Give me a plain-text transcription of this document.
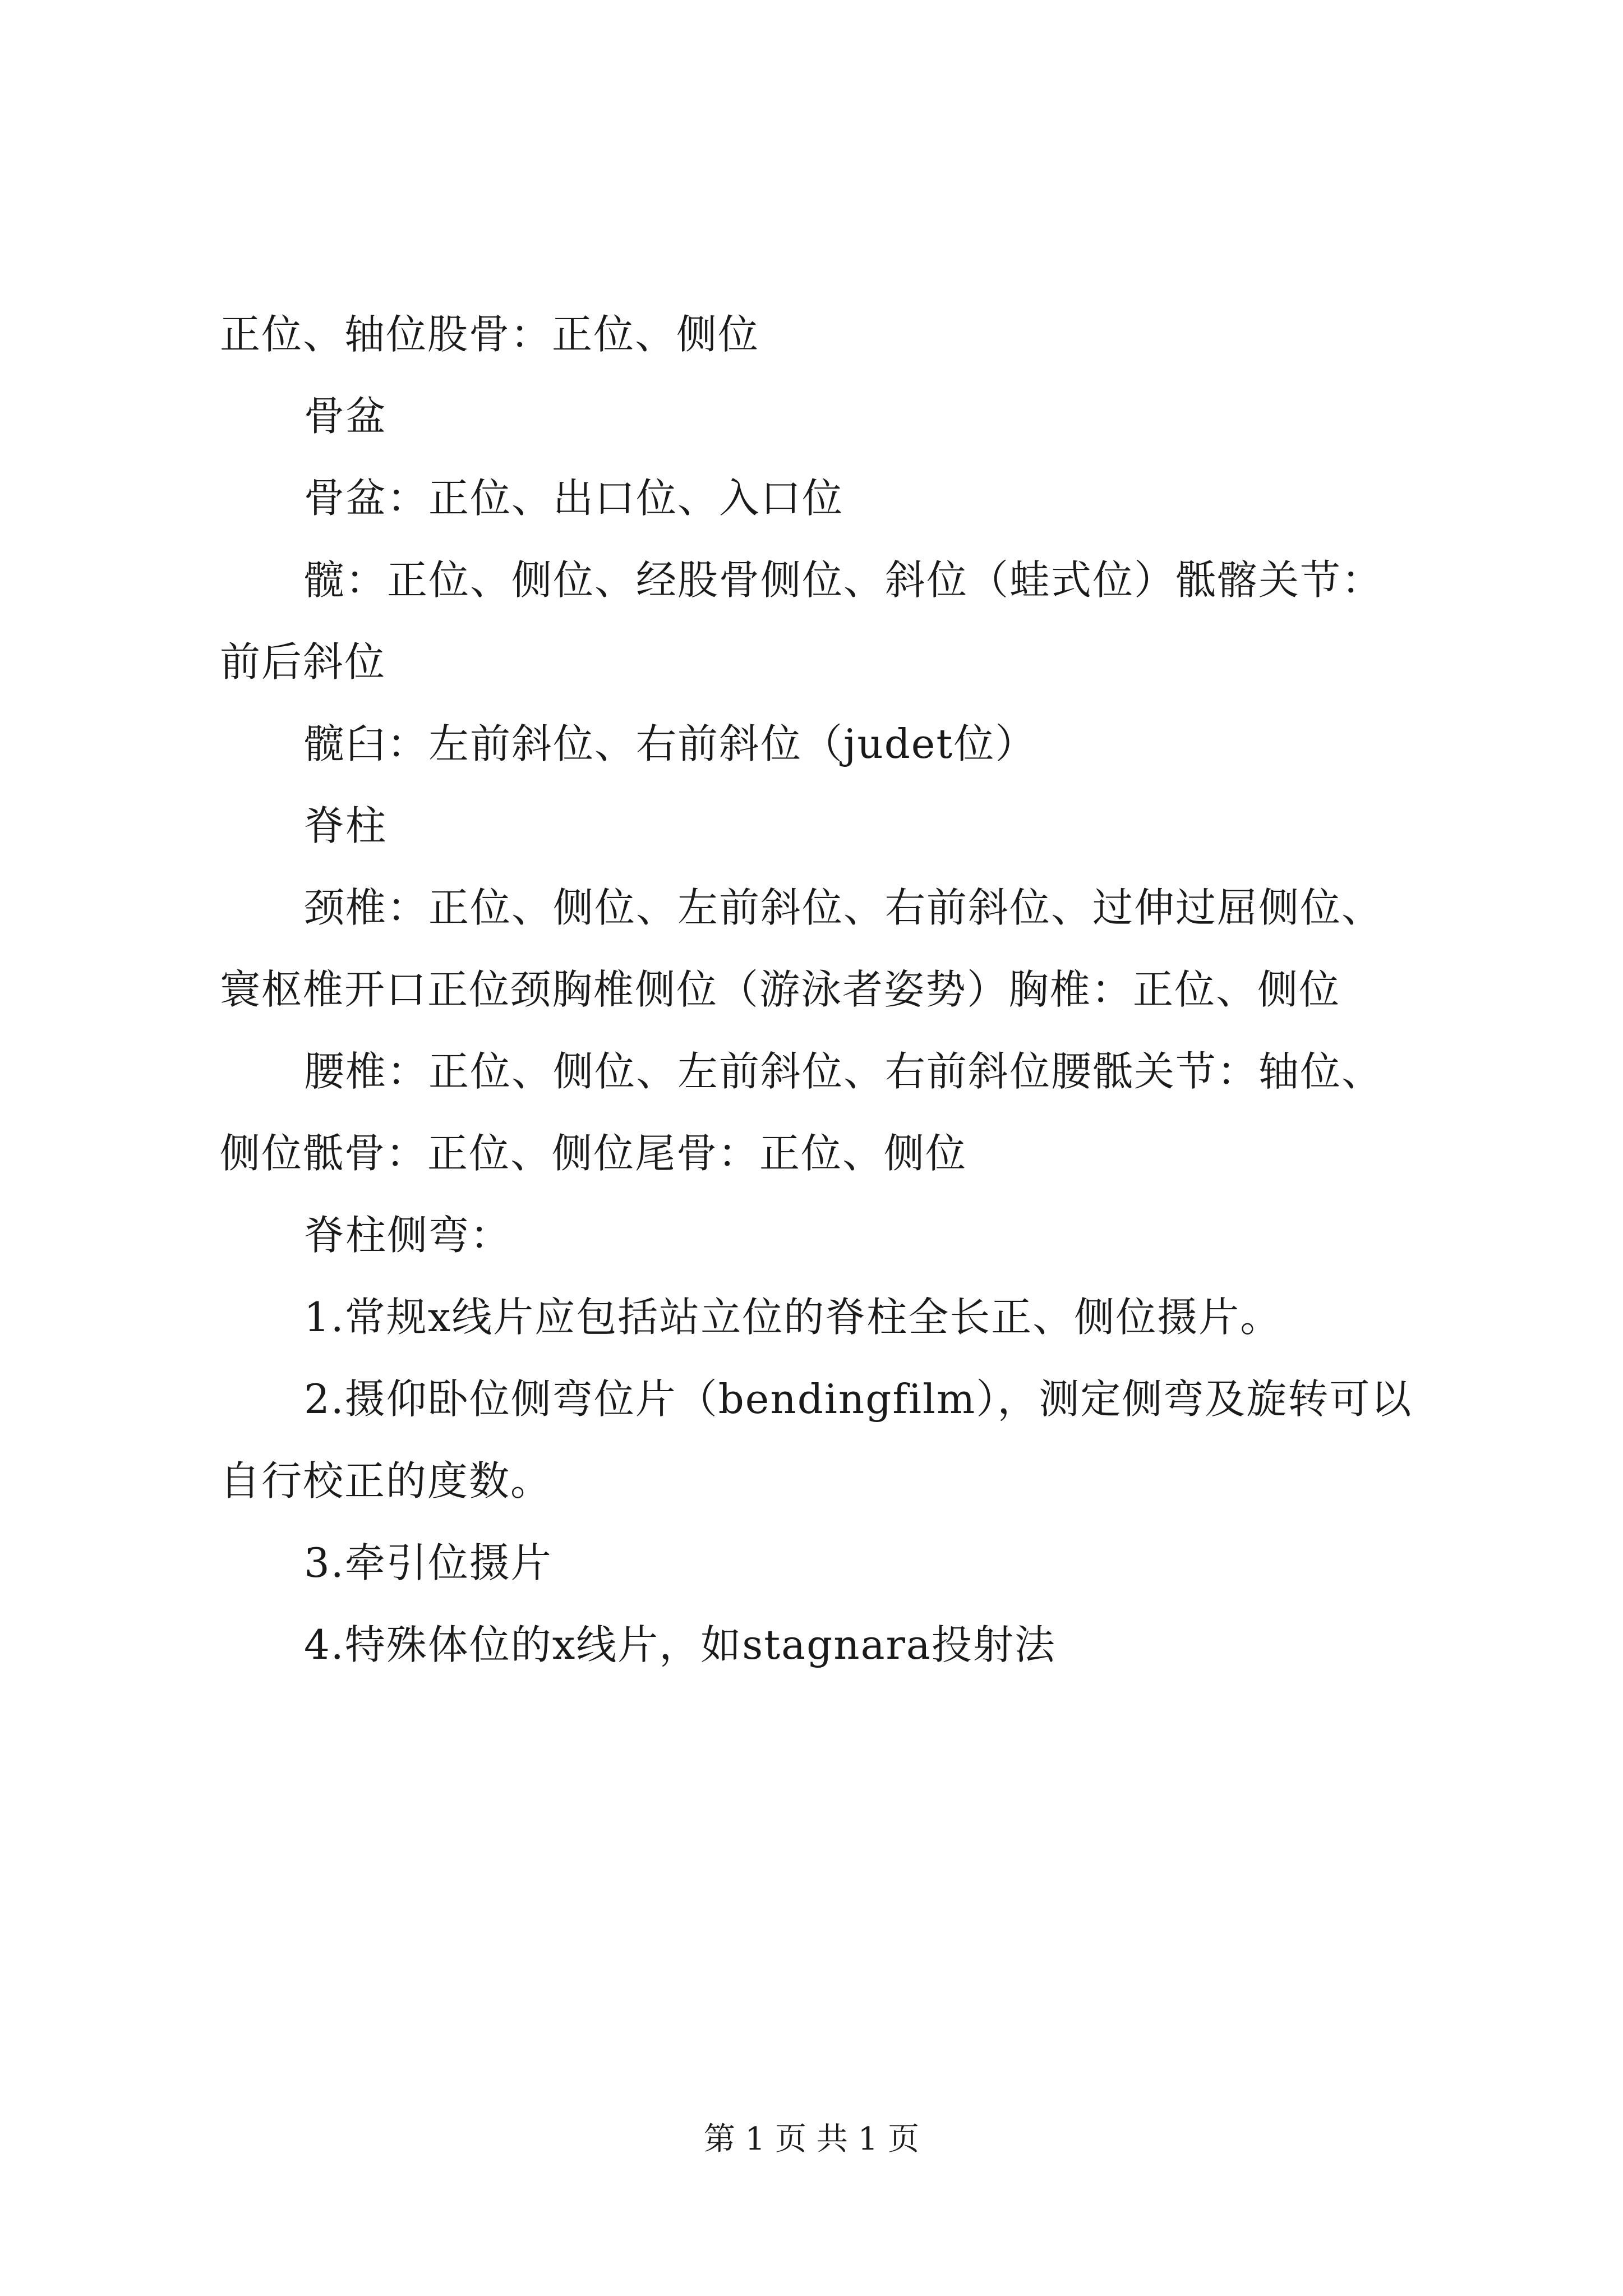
正位、轴位股骨：正位、侧位
骨盆
骨盆：正位、出口位、入口位
髋：正位、侧位、经股骨侧位、斜位（蛙式位）骶髂关节：
前后斜位
髋臼：左前斜位、右前斜位（judet位）
脊柱
颈椎：正位、侧位、左前斜位、右前斜位、过伸过屈侧位、
寰枢椎开口正位颈胸椎侧位（游泳者姿势）胸椎：正位、侧位
腰椎：正位、侧位、左前斜位、右前斜位腰骶关节：轴位、
侧位骶骨：正位、侧位尾骨：正位、侧位
脊柱侧弯：
1.常规x线片应包括站立位的脊柱全长正、侧位摄片。
2.摄仰卧位侧弯位片（bendingfilm），测定侧弯及旋转可以
自行校正的度数。
3.牵引位摄片
4.特殊体位的x线片，如stagnara投射法
第 1 页 共 1 页
